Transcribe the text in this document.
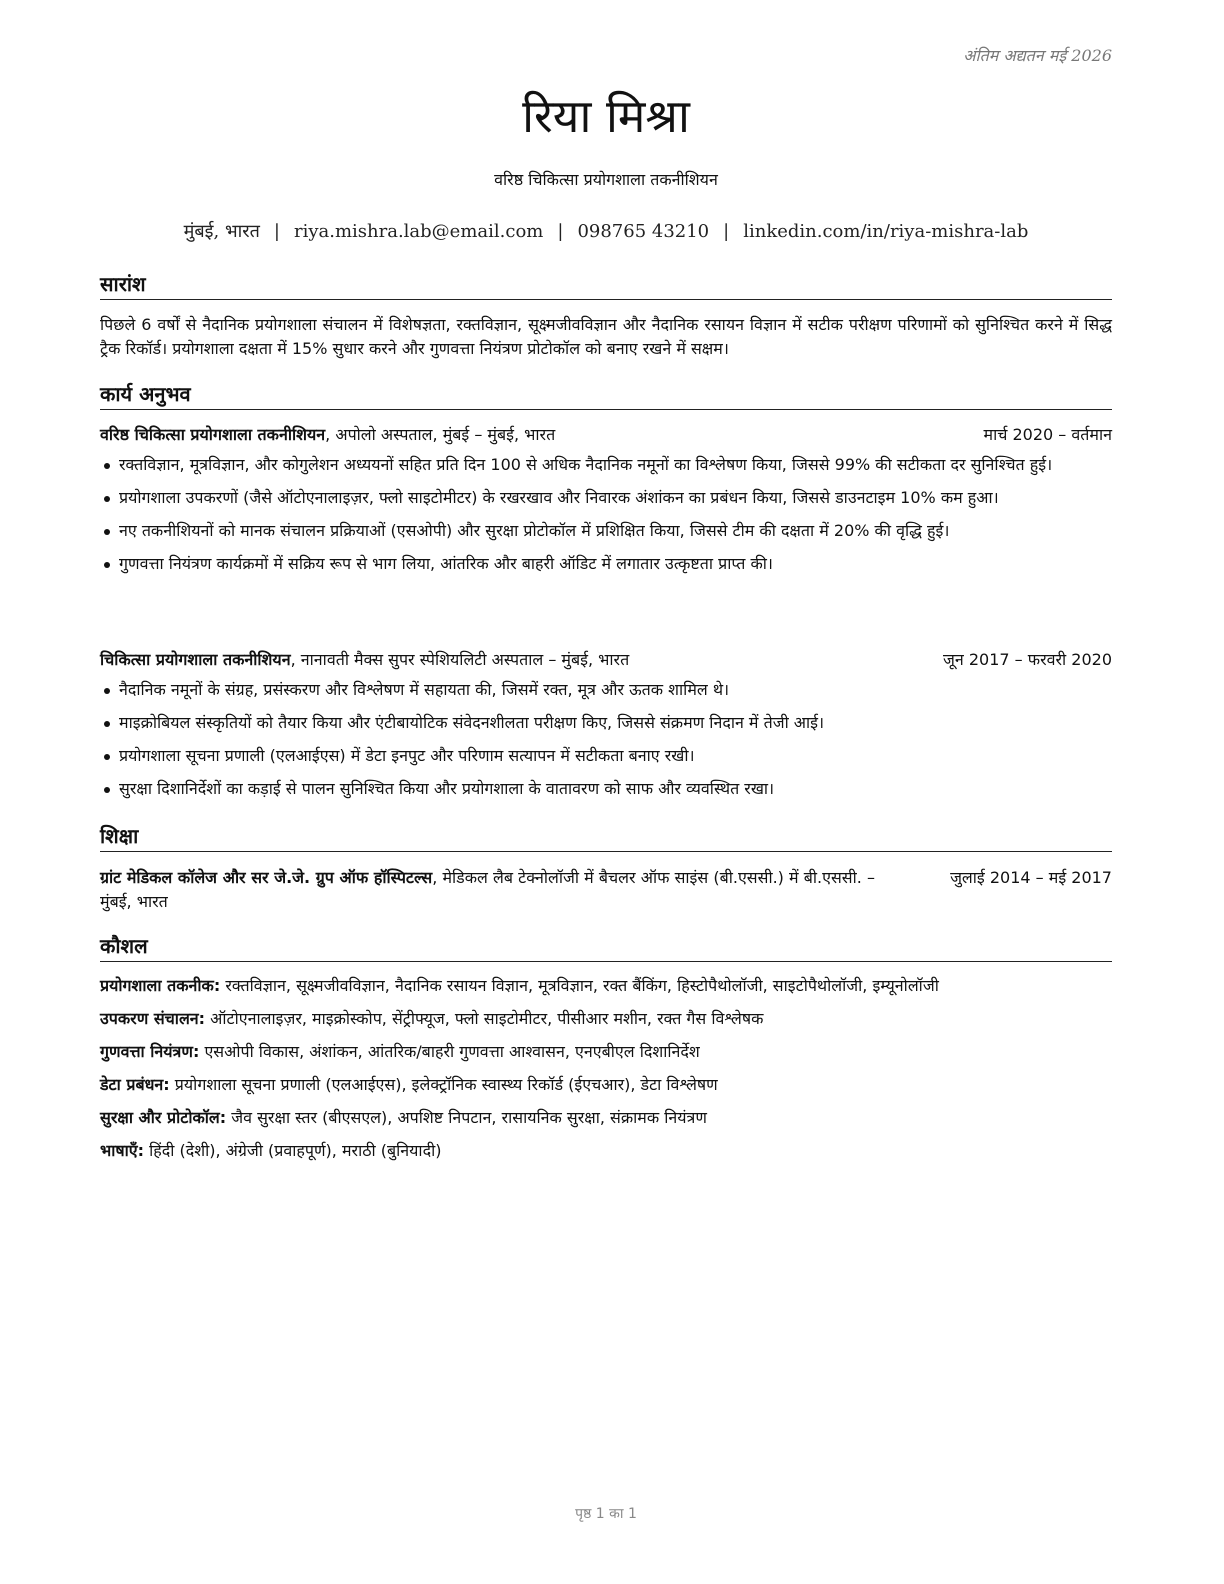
अंतिम अद्यतन मई 2026
रिया मिश्रा
वरिष्ठ चिकित्सा प्रयोगशाला तकनीशियन
मुंबई, भारत | riya.mishra.lab@email.com | 098765 43210 | linkedin.com/in/riya-mishra-lab
सारांश
पिछले 6 वर्षों से नैदानिक प्रयोगशाला संचालन में विशेषज्ञता, रक्तविज्ञान, सूक्ष्मजीवविज्ञान और नैदानिक रसायन विज्ञान में सटीक परीक्षण परिणामों को सुनिश्चित करने में सिद्ध ट्रैक रिकॉर्ड। प्रयोगशाला दक्षता में 15% सुधार करने और गुणवत्ता नियंत्रण प्रोटोकॉल को बनाए रखने में सक्षम।
कार्य अनुभव
वरिष्ठ चिकित्सा प्रयोगशाला तकनीशियन, अपोलो अस्पताल, मुंबई – मुंबई, भारत	मार्च 2020 – वर्तमान
रक्तविज्ञान, मूत्रविज्ञान, और कोगुलेशन अध्ययनों सहित प्रति दिन 100 से अधिक नैदानिक नमूनों का विश्लेषण किया, जिससे 99% की सटीकता दर सुनिश्चित हुई।
प्रयोगशाला उपकरणों (जैसे ऑटोएनालाइज़र, फ्लो साइटोमीटर) के रखरखाव और निवारक अंशांकन का प्रबंधन किया, जिससे डाउनटाइम 10% कम हुआ।
नए तकनीशियनों को मानक संचालन प्रक्रियाओं (एसओपी) और सुरक्षा प्रोटोकॉल में प्रशिक्षित किया, जिससे टीम की दक्षता में 20% की वृद्धि हुई।
गुणवत्ता नियंत्रण कार्यक्रमों में सक्रिय रूप से भाग लिया, आंतरिक और बाहरी ऑडिट में लगातार उत्कृष्टता प्राप्त की।
चिकित्सा प्रयोगशाला तकनीशियन, नानावती मैक्स सुपर स्पेशियलिटी अस्पताल – मुंबई, भारत	जून 2017 – फरवरी 2020
नैदानिक नमूनों के संग्रह, प्रसंस्करण और विश्लेषण में सहायता की, जिसमें रक्त, मूत्र और ऊतक शामिल थे।
माइक्रोबियल संस्कृतियों को तैयार किया और एंटीबायोटिक संवेदनशीलता परीक्षण किए, जिससे संक्रमण निदान में तेजी आई।
प्रयोगशाला सूचना प्रणाली (एलआईएस) में डेटा इनपुट और परिणाम सत्यापन में सटीकता बनाए रखी।
सुरक्षा दिशानिर्देशों का कड़ाई से पालन सुनिश्चित किया और प्रयोगशाला के वातावरण को साफ और व्यवस्थित रखा।
शिक्षा
ग्रांट मेडिकल कॉलेज और सर जे.जे. ग्रुप ऑफ हॉस्पिटल्स, मेडिकल लैब टेक्नोलॉजी में बैचलर ऑफ साइंस (बी.एससी.) में बी.एससी. – मुंबई, भारत
जुलाई 2014 – मई 2017
कौशल
प्रयोगशाला तकनीक: रक्तविज्ञान, सूक्ष्मजीवविज्ञान, नैदानिक रसायन विज्ञान, मूत्रविज्ञान, रक्त बैंकिंग, हिस्टोपैथोलॉजी, साइटोपैथोलॉजी, इम्यूनोलॉजी
उपकरण संचालन: ऑटोएनालाइज़र, माइक्रोस्कोप, सेंट्रीफ्यूज, फ्लो साइटोमीटर, पीसीआर मशीन, रक्त गैस विश्लेषक
गुणवत्ता नियंत्रण: एसओपी विकास, अंशांकन, आंतरिक/बाहरी गुणवत्ता आश्वासन, एनएबीएल दिशानिर्देश
डेटा प्रबंधन: प्रयोगशाला सूचना प्रणाली (एलआईएस), इलेक्ट्रॉनिक स्वास्थ्य रिकॉर्ड (ईएचआर), डेटा विश्लेषण
सुरक्षा और प्रोटोकॉल: जैव सुरक्षा स्तर (बीएसएल), अपशिष्ट निपटान, रासायनिक सुरक्षा, संक्रामक नियंत्रण
भाषाएँ: हिंदी (देशी), अंग्रेजी (प्रवाहपूर्ण), मराठी (बुनियादी)
पृष्ठ 1 का 1
